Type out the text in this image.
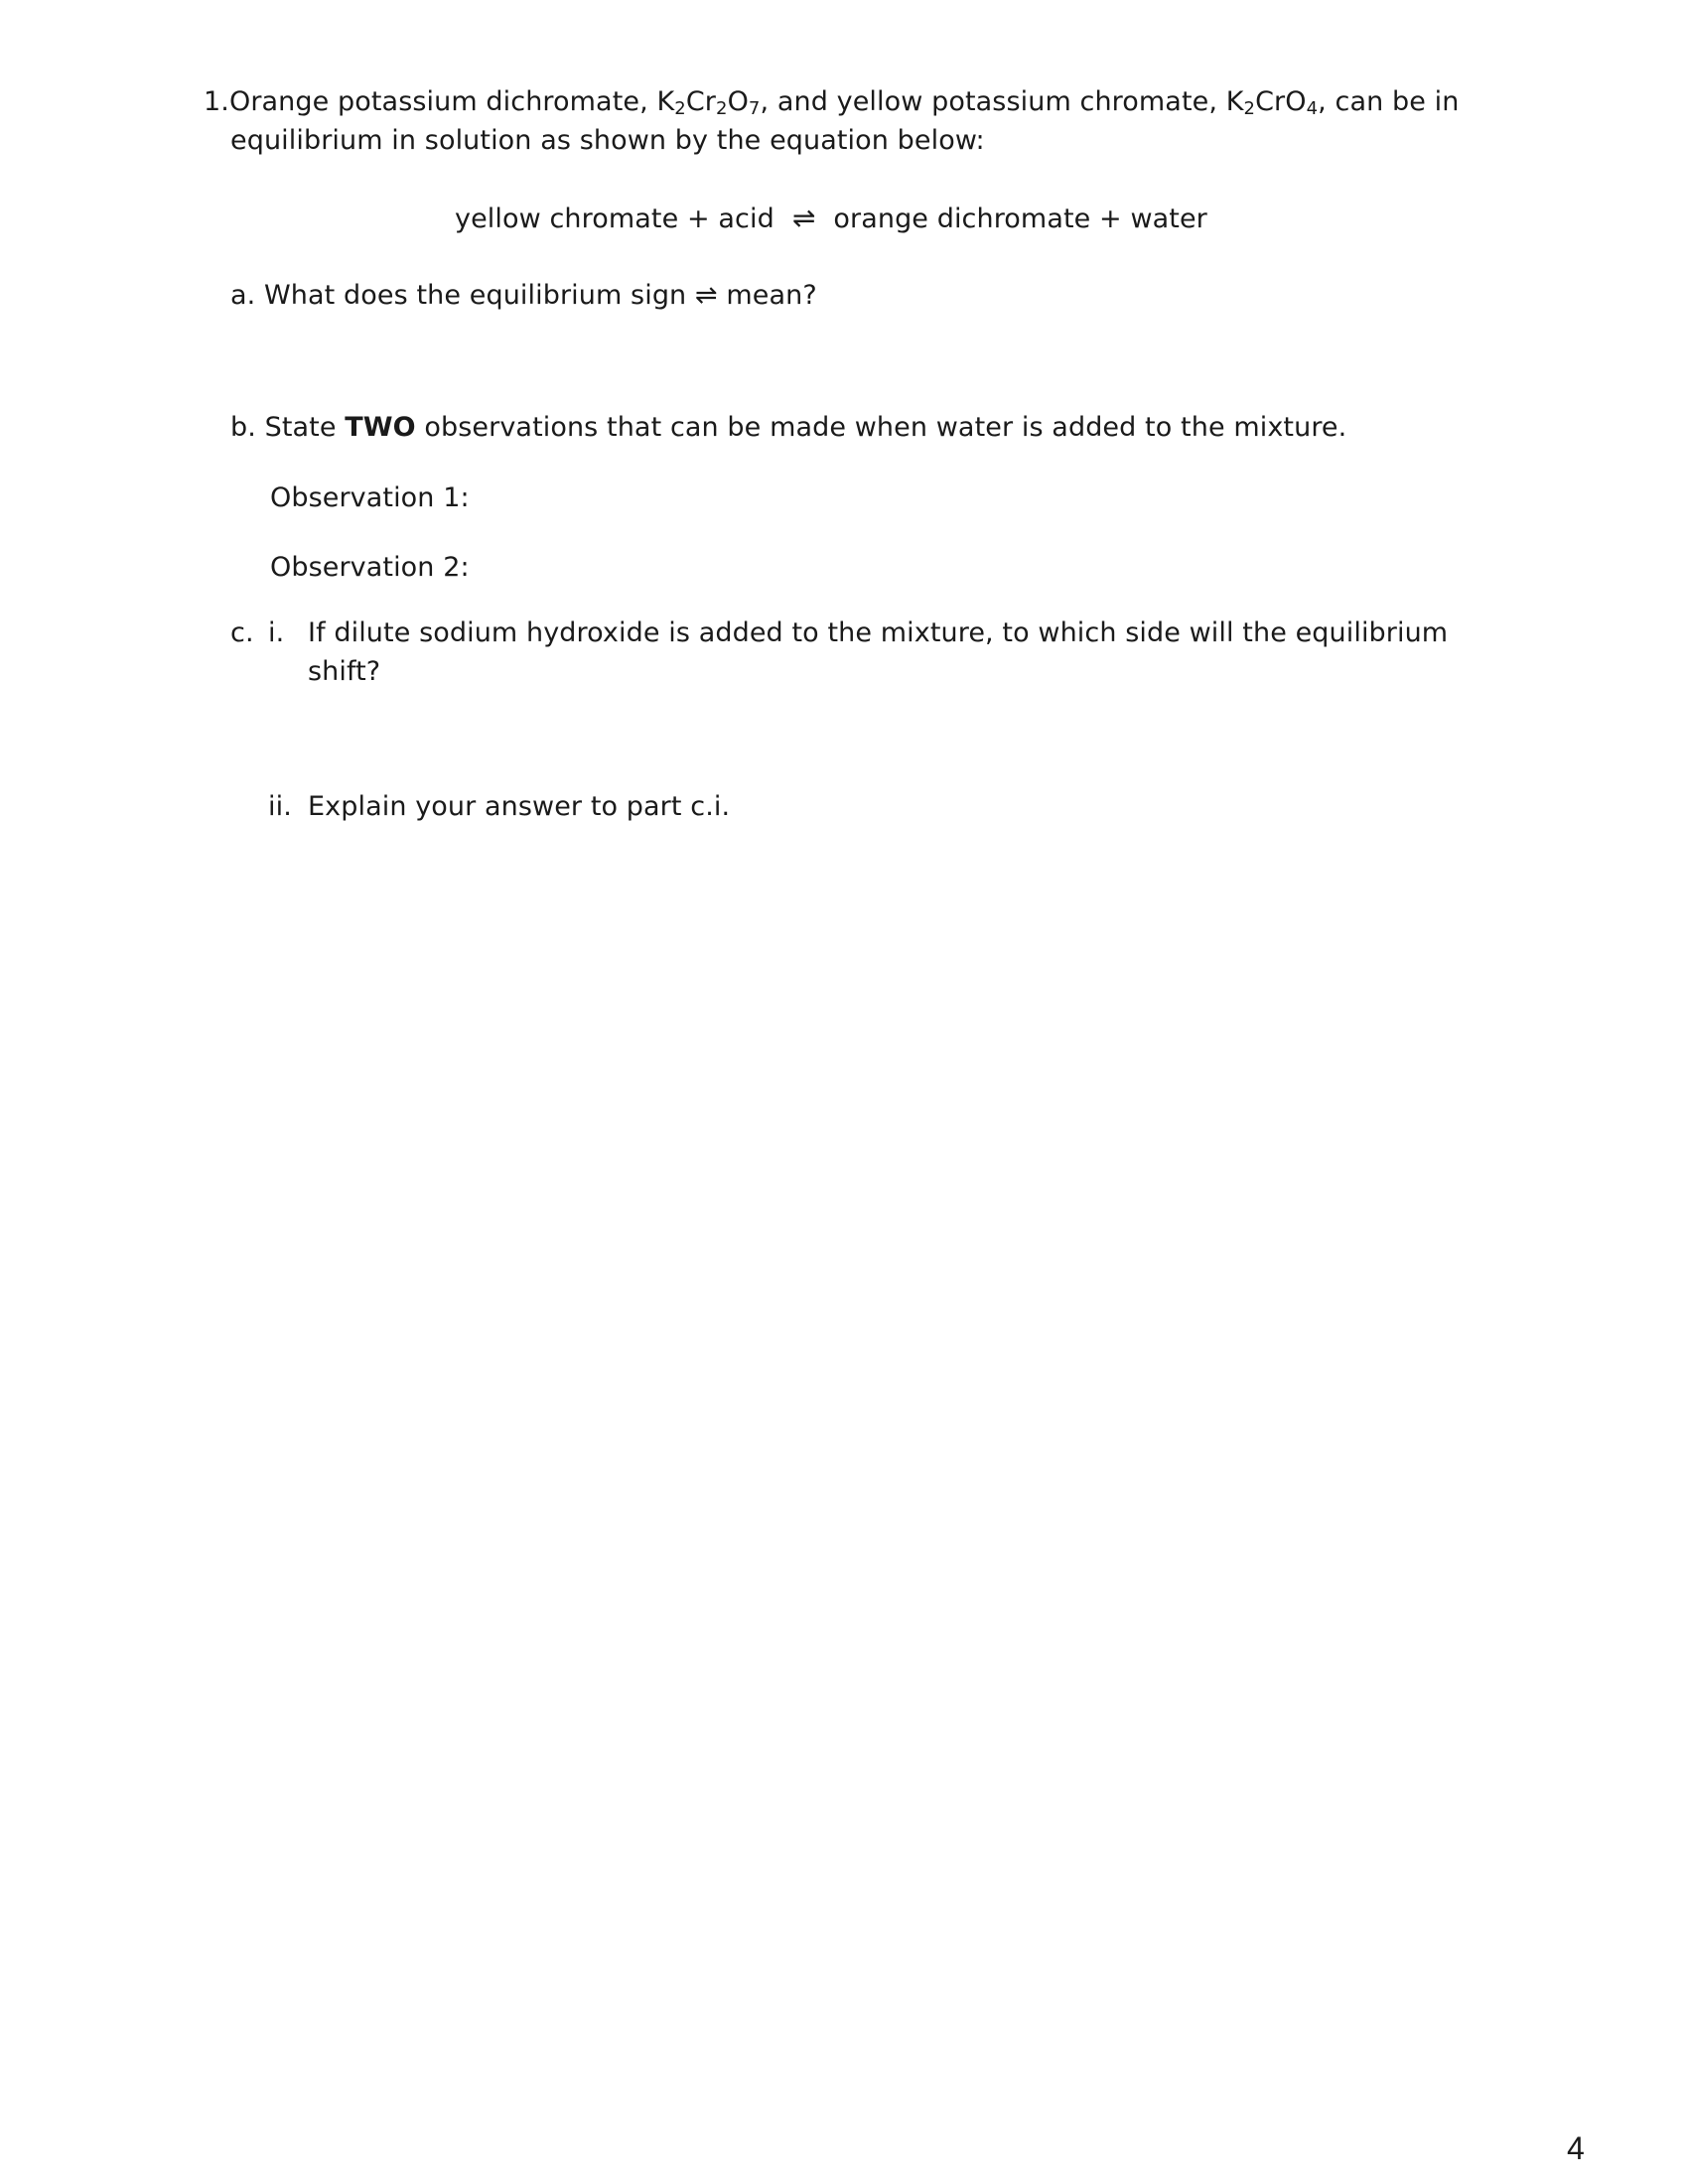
1.Orange potassium dichromate, $K_2Cr_2O_7$, and yellow potassium chromate, $K_2CrO_4$, can be in
equilibrium in solution as shown by the equation below:
yellow chromate + acid ⇌ orange dichromate + water
a. What does the equilibrium sign ⇌ mean?
b. State TWO observations that can be made when water is added to the mixture.
Observation 1:
Observation 2:
c. i. If dilute sodium hydroxide is added to the mixture, to which side will the equilibrium
shift?
ii. Explain your answer to part c.i.
4
